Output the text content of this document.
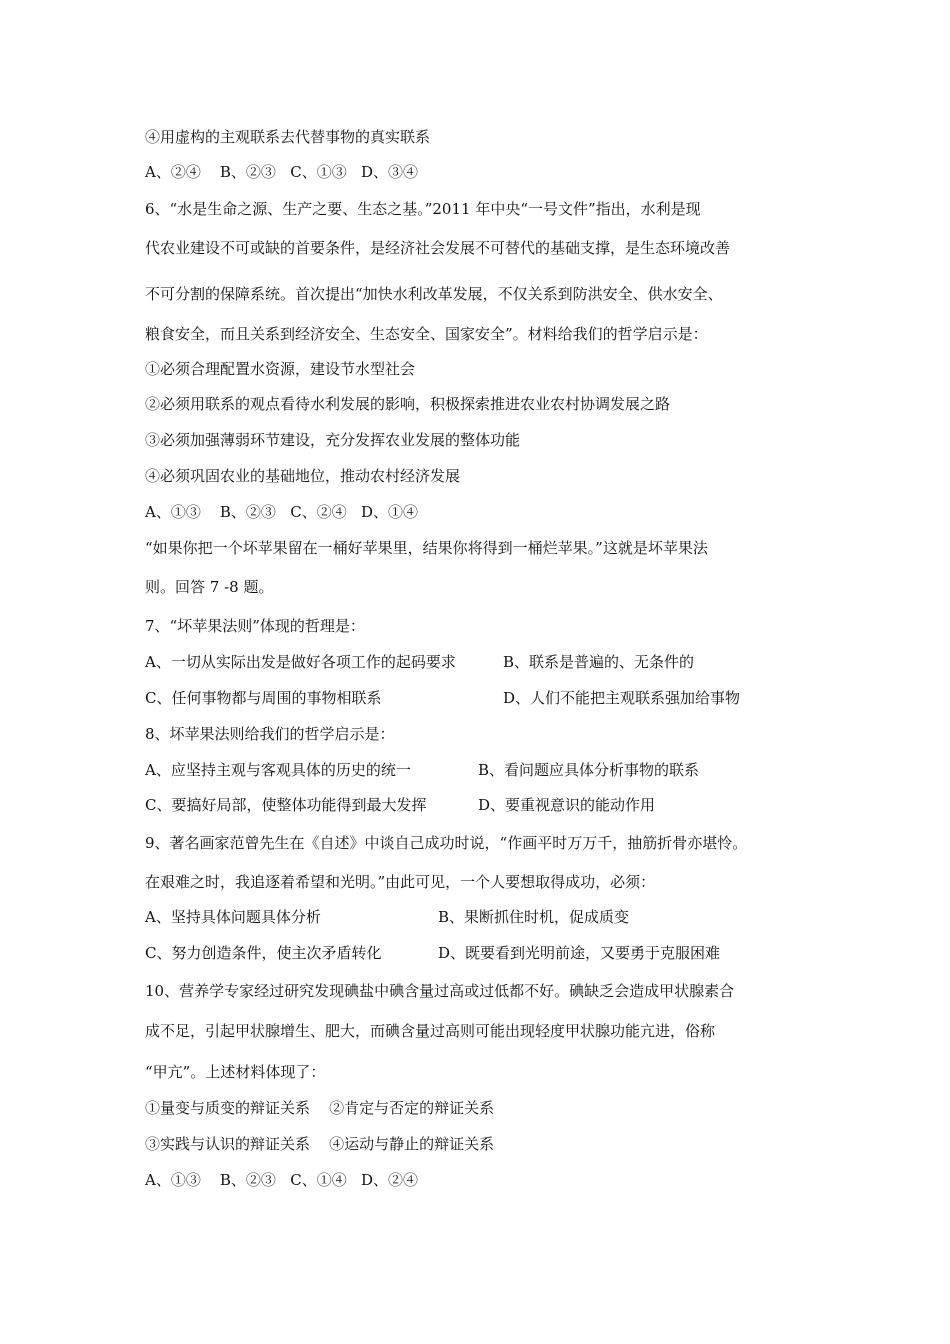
④用虚构的主观联系去代替事物的真实联系
A、②④    B、②③   C、①③   D、③④
6、“水是生命之源、生产之要、生态之基。”2011 年中央“一号文件”指出，水利是现
代农业建设不可或缺的首要条件，是经济社会发展不可替代的基础支撑，是生态环境改善
不可分割的保障系统。首次提出“加快水利改革发展，不仅关系到防洪安全、供水安全、
粮食安全，而且关系到经济安全、生态安全、国家安全”。材料给我们的哲学启示是：
①必须合理配置水资源，建设节水型社会
②必须用联系的观点看待水利发展的影响，积极探索推进农业农村协调发展之路
③必须加强薄弱环节建设，充分发挥农业发展的整体功能
④必须巩固农业的基础地位，推动农村经济发展
A、①③    B、②③   C、②④   D、①④
“如果你把一个坏苹果留在一桶好苹果里，结果你将得到一桶烂苹果。”这就是坏苹果法
则。回答 7 -8 题。
7、“坏苹果法则”体现的哲理是：
A、一切从实际出发是做好各项工作的起码要求	B、联系是普遍的、无条件的
C、任何事物都与周围的事物相联系	D、人们不能把主观联系强加给事物
8、坏苹果法则给我们的哲学启示是：
A、应坚持主观与客观具体的历史的统一	B、看问题应具体分析事物的联系
C、要搞好局部，使整体功能得到最大发挥	D、要重视意识的能动作用
9、著名画家范曾先生在《自述》中谈自己成功时说，“作画平时万万千，抽筋折骨亦堪怜。
在艰难之时，我追逐着希望和光明。”由此可见，一个人要想取得成功，必须：
A、坚持具体问题具体分析	B、果断抓住时机，促成质变
C、努力创造条件，使主次矛盾转化	D、既要看到光明前途，又要勇于克服困难
10、营养学专家经过研究发现碘盐中碘含量过高或过低都不好。碘缺乏会造成甲状腺素合
成不足，引起甲状腺增生、肥大，而碘含量过高则可能出现轻度甲状腺功能亢进，俗称
“甲亢”。上述材料体现了：
①量变与质变的辩证关系    ②肯定与否定的辩证关系
③实践与认识的辩证关系    ④运动与静止的辩证关系
A、①③    B、②③   C、①④   D、②④
